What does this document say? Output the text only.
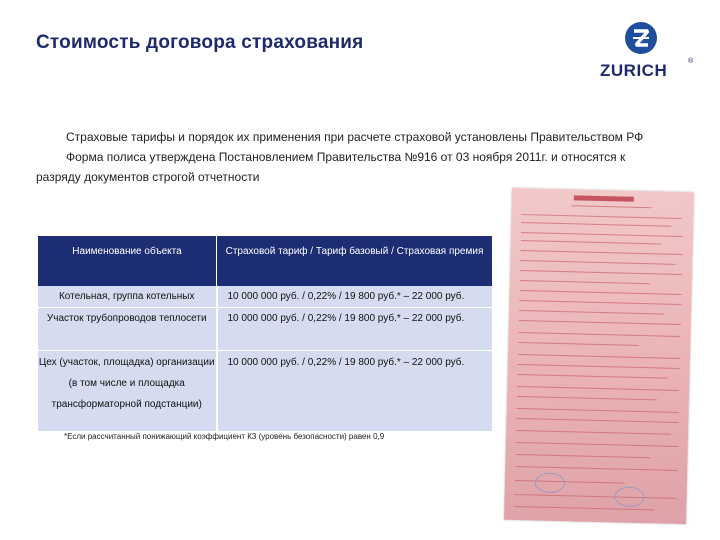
Стоимость договора страхования
ZURICH	®

Страховые тарифы и порядок их применения при расчете страховой установлены Правительством РФ

Форма полиса утверждена Постановлением Правительства №916 от 03 ноября 2011г. и относятся к разряду документов строгой отчетности

Наименование объекта	Страховой тариф / Тариф базовый / Страховая премия
Котельная, группа котельных	10 000 000 руб. / 0,22% / 19 800 руб.* – 22 000 руб.
Участок трубопроводов теплосети	10 000 000 руб. / 0,22% / 19 800 руб.* – 22 000 руб.
Цех (участок, площадка) организации (в том числе и площадка трансформаторной подстанции)	10 000 000 руб. / 0,22% / 19 800 руб.* – 22 000 руб.
*Если рассчитанный понижающий коэффициент К3 (уровень безопасности) равен 0,9
